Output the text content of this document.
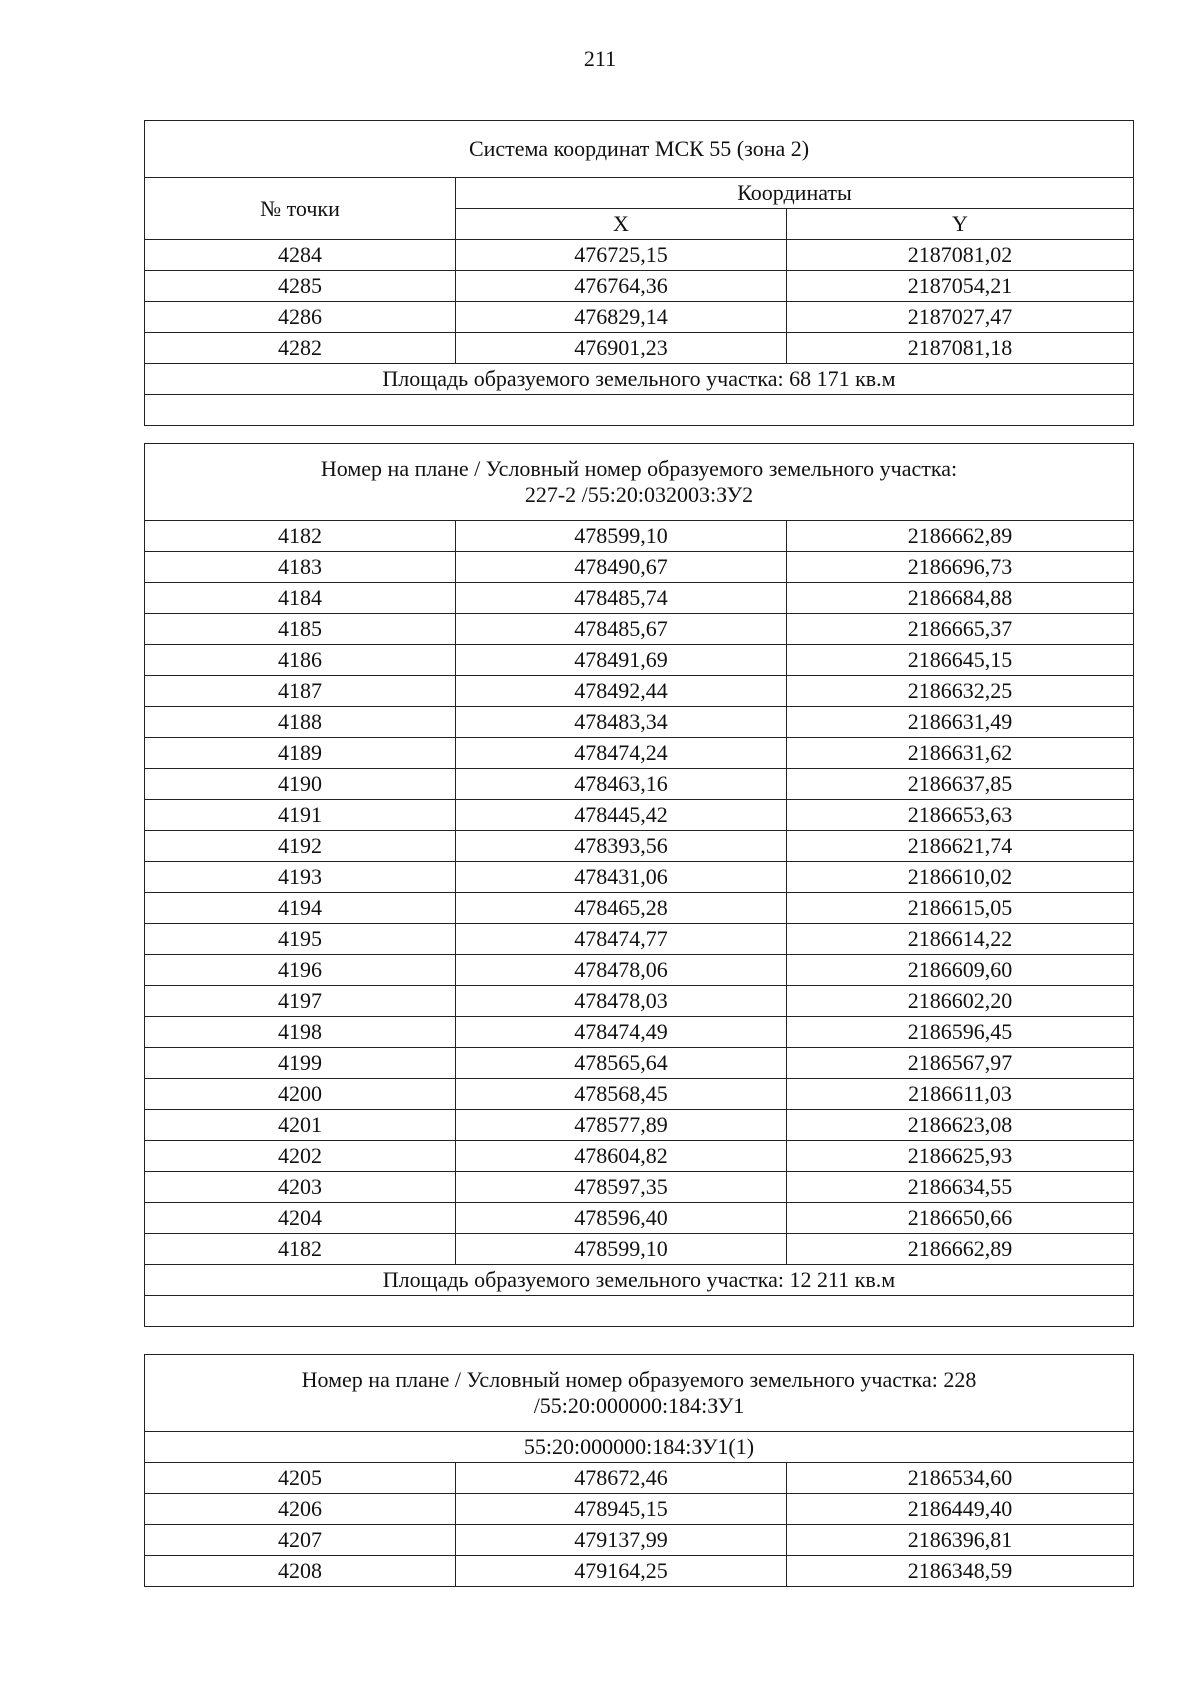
211
Система координат МСК 55 (зона 2)		
№ точки	Координаты	
	X	Y
4284	476725,15	2187081,02
4285	476764,36	2187054,21
4286	476829,14	2187027,47
4282	476901,23	2187081,18
Площадь образуемого земельного участка: 68 171 кв.м		

Номер на плане / Условный номер образуемого земельного участка:
227-2 /55:20:032003:ЗУ2		

4182	478599,10	2186662,89
4183	478490,67	2186696,73
4184	478485,74	2186684,88
4185	478485,67	2186665,37
4186	478491,69	2186645,15
4187	478492,44	2186632,25
4188	478483,34	2186631,49
4189	478474,24	2186631,62
4190	478463,16	2186637,85
4191	478445,42	2186653,63
4192	478393,56	2186621,74
4193	478431,06	2186610,02
4194	478465,28	2186615,05
4195	478474,77	2186614,22
4196	478478,06	2186609,60
4197	478478,03	2186602,20
4198	478474,49	2186596,45
4199	478565,64	2186567,97
4200	478568,45	2186611,03
4201	478577,89	2186623,08
4202	478604,82	2186625,93
4203	478597,35	2186634,55
4204	478596,40	2186650,66
4182	478599,10	2186662,89
Площадь образуемого земельного участка: 12 211 кв.м		

Номер на плане / Условный номер образуемого земельного участка: 228
/55:20:000000:184:ЗУ1		

55:20:000000:184:ЗУ1(1)		
4205	478672,46	2186534,60
4206	478945,15	2186449,40
4207	479137,99	2186396,81
4208	479164,25	2186348,59
